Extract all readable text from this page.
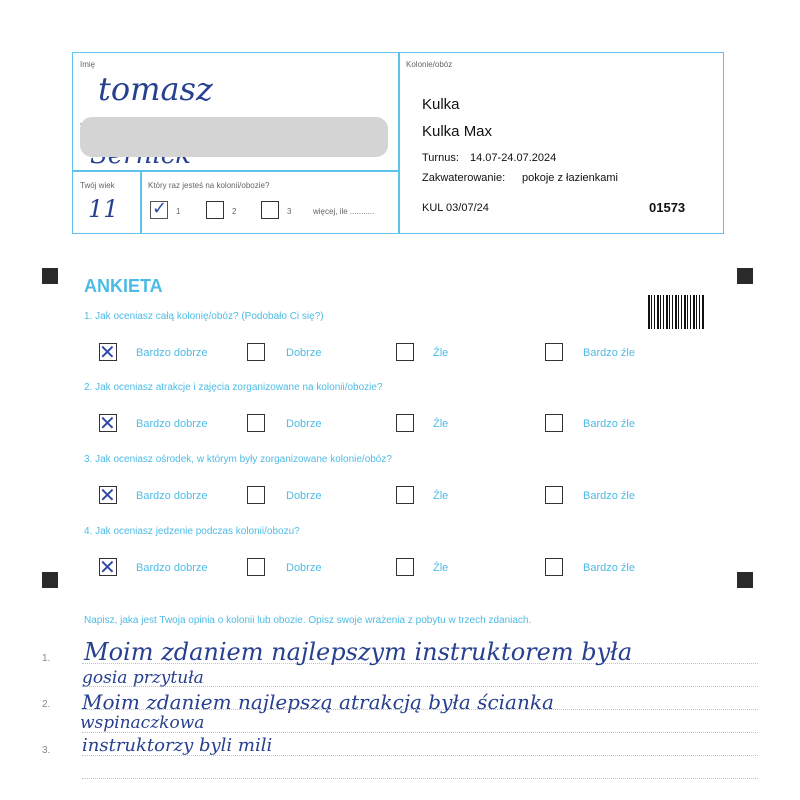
Imię
tomasz
Twój wiek
11
Który raz jesteś na kolonii/obozie?
✓ 1	2	3	więcej, ile ...........
Kolonie/obóz
Kulka
Kulka Max
Turnus: 14.07-24.07.2024
Zakwaterowanie: pokoje z łazienkami
KUL 03/07/24	01573
ANKIETA
1. Jak oceniasz całą kolonię/obóz? (Podobało Ci się?)
2. Jak oceniasz atrakcje i zajęcia zorganizowane na kolonii/obozie?
3. Jak oceniasz ośrodek, w którym były zorganizowane kolonie/obóz?
4. Jak oceniasz jedzenie podczas kolonii/obozu?
✕ Bardzo dobrze	Dobrze	Źle	Bardzo źle
✕ Bardzo dobrze	Dobrze	Źle	Bardzo źle
✕ Bardzo dobrze	Dobrze	Źle	Bardzo źle
✕ Bardzo dobrze	Dobrze	Źle	Bardzo źle
Napisz, jaka jest Twoja opinia o kolonii lub obozie. Opisz swoje wrażenia z pobytu w trzech zdaniach.
1.
2.
3.
Moim zdaniem najlepszym instruktorem była
gosia przytuła
Moim zdaniem najlepszą atrakcją była ścianka
wspinaczkowa
instruktorzy byli mili
